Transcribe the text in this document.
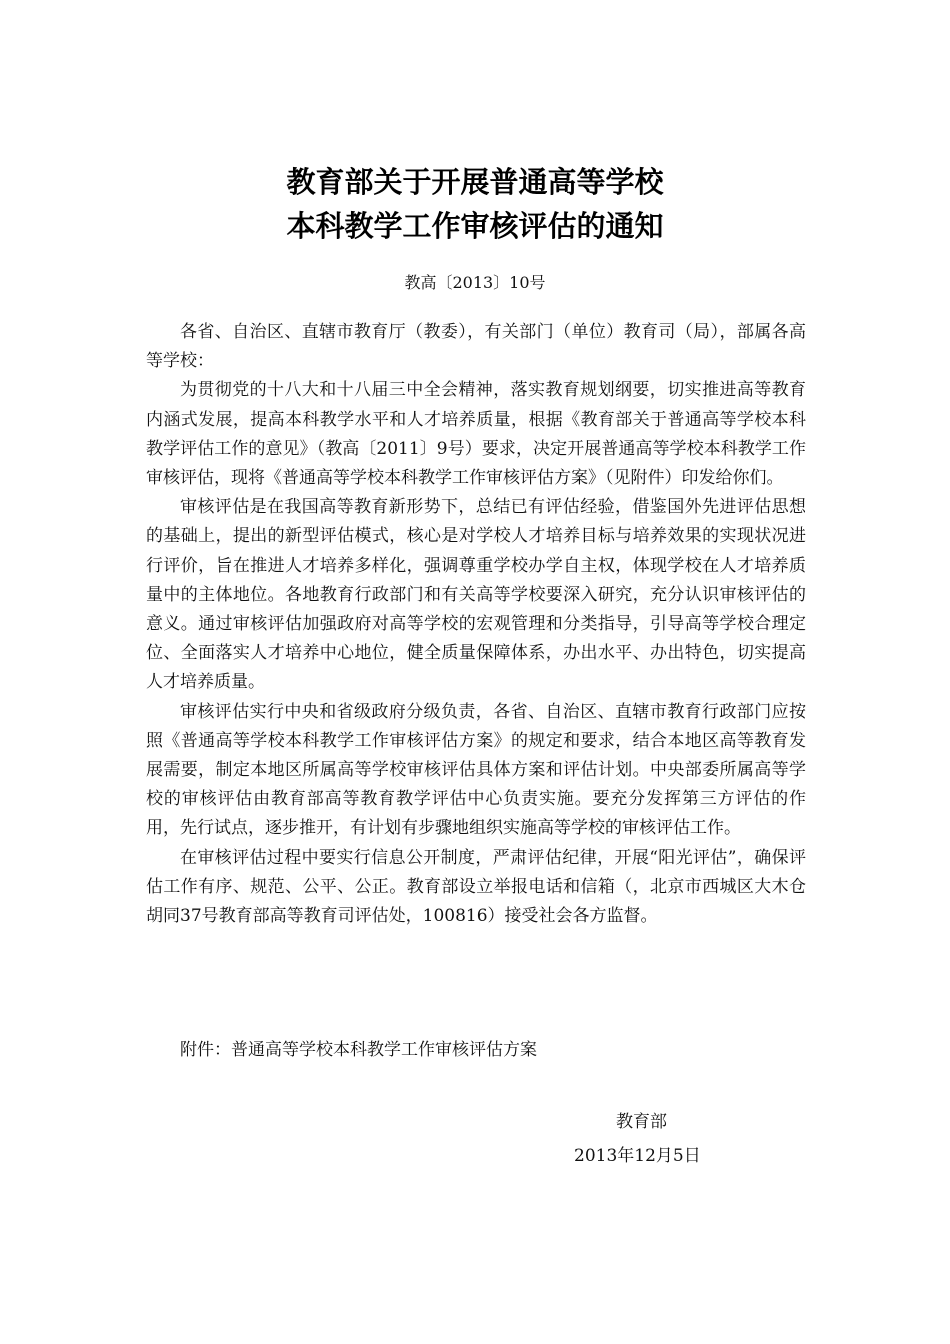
教育部关于开展普通高等学校
本科教学工作审核评估的通知
教高〔2013〕10号

各省、自治区、直辖市教育厅（教委），有关部门（单位）教育司（局），部属各高等学校：

为贯彻党的十八大和十八届三中全会精神，落实教育规划纲要，切实推进高等教育内涵式发展，提高本科教学水平和人才培养质量，根据《教育部关于普通高等学校本科教学评估工作的意见》（教高〔2011〕9号）要求，决定开展普通高等学校本科教学工作审核评估，现将《普通高等学校本科教学工作审核评估方案》（见附件）印发给你们。

审核评估是在我国高等教育新形势下，总结已有评估经验，借鉴国外先进评估思想的基础上，提出的新型评估模式，核心是对学校人才培养目标与培养效果的实现状况进行评价，旨在推进人才培养多样化，强调尊重学校办学自主权，体现学校在人才培养质量中的主体地位。各地教育行政部门和有关高等学校要深入研究，充分认识审核评估的意义。通过审核评估加强政府对高等学校的宏观管理和分类指导，引导高等学校合理定位、全面落实人才培养中心地位，健全质量保障体系，办出水平、办出特色，切实提高人才培养质量。

审核评估实行中央和省级政府分级负责，各省、自治区、直辖市教育行政部门应按照《普通高等学校本科教学工作审核评估方案》的规定和要求，结合本地区高等教育发展需要，制定本地区所属高等学校审核评估具体方案和评估计划。中央部委所属高等学校的审核评估由教育部高等教育教学评估中心负责实施。要充分发挥第三方评估的作用，先行试点，逐步推开，有计划有步骤地组织实施高等学校的审核评估工作。

在审核评估过程中要实行信息公开制度，严肃评估纪律，开展“阳光评估”，确保评估工作有序、规范、公平、公正。教育部设立举报电话和信箱（，北京市西城区大木仓胡同37号教育部高等教育司评估处，100816）接受社会各方监督。

附件：普通高等学校本科教学工作审核评估方案
教育部
2013年12月5日
